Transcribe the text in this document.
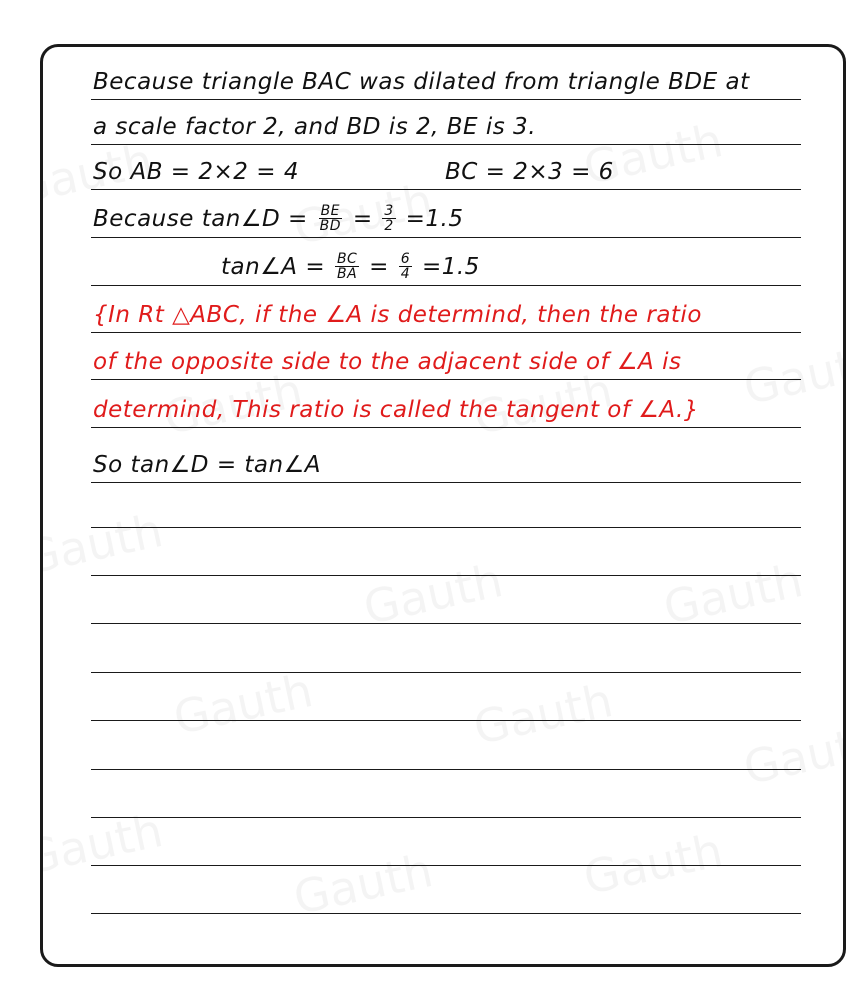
Because triangle BAC was dilated from triangle BDE at
a scale factor 2, and BD is 2, BE is 3.
So AB = 2×2 = 4	BC = 2×3 = 6
Because tan∠D = $\frac{BE}{BD} = \frac{3}{2} =1.5$
tan∠A = $\frac{BC}{BA} = \frac{6}{4} =1.5$
{In Rt △ABC, if the ∠A is determind, then the ratio
of the opposite side to the adjacent side of ∠A is
determind, This ratio is called the tangent of ∠A.}
So tan∠D = tan∠A
